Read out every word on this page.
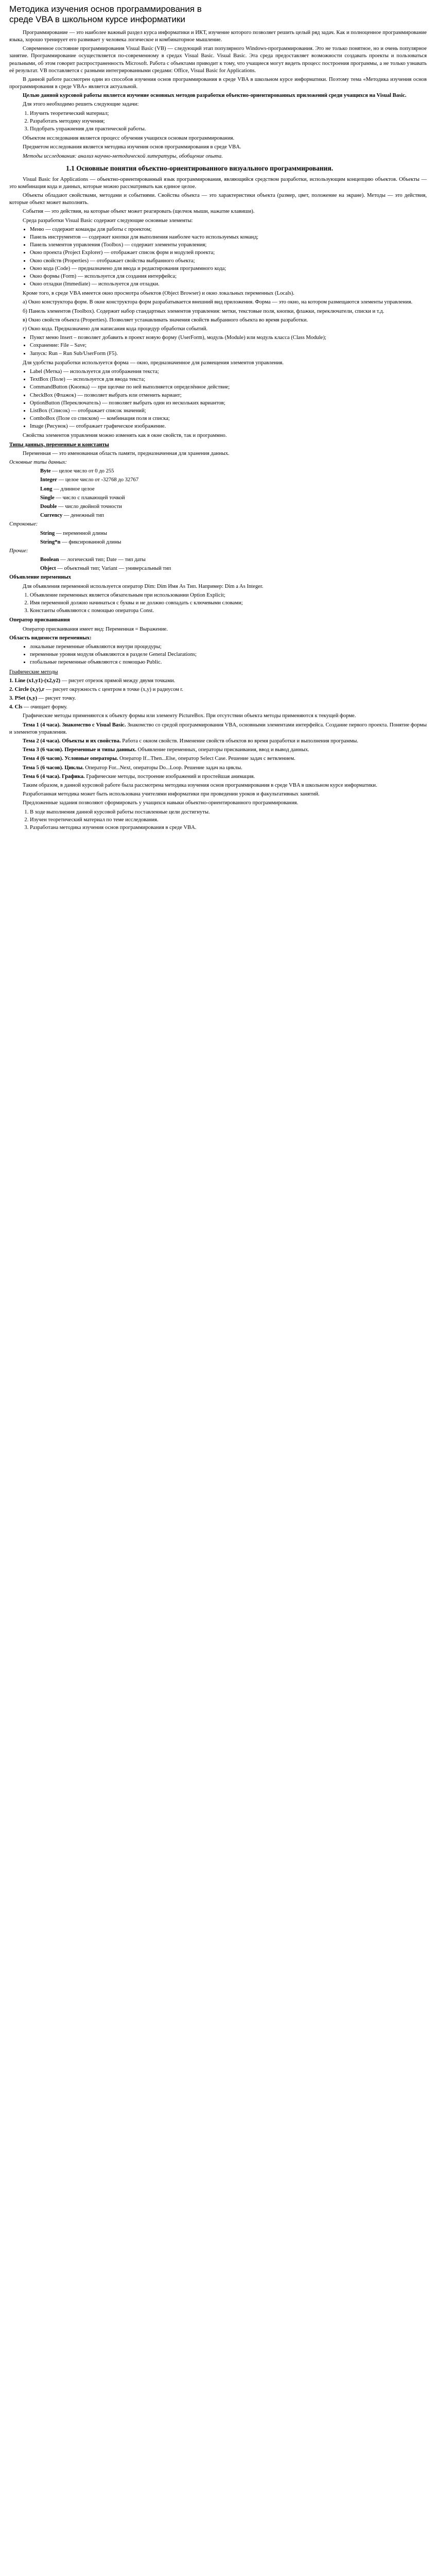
Методика изучения основ программирования в среде VBA в школьном курсе информатики

Программирование — это наиболее важный раздел курса информатики и ИКТ, изучение которого позволяет решить целый ряд задач. Как и полноценное программирование языка, хорошо тренирует его развивает у человека логическое и комбинаторное мышление.

Современное состояние программирования Visual Basic (VB) — следующий этап популярного Windows-программирования. Это не только понятное, но и очень популярное занятие. Программирование осуществляется по-современному в средах Visual Basic. Visual Basic. Эта среда предоставляет возможности создавать проекты и пользоваться реальными, об этом говорит распространенность Microsoft. Работа с объектами приводит к тому, что учащиеся могут видеть процесс построения программы, а не только узнавать её результат. VB поставляется с разными интегрированными средами: Office, Visual Basic for Applications.

В данной работе рассмотрен один из способов изучения основ программирования в среде VBA в школьном курсе информатики. Поэтому тема «Методика изучения основ программирования в среде VBA» является актуальной.

Целью данной курсовой работы является изучение основных методов разработки объектно-ориентированных приложений среди учащихся на Visual Basic.

Для этого необходимо решить следующие задачи:

1. Изучить теоретический материал;
2. Разработать методику изучения;
3. Подобрать упражнения для практической работы.

Объектом исследования является процесс обучения учащихся основам программирования.

Предметом исследования является методика изучения основ программирования в среде VBA.

Методы исследования: анализ научно-методической литературы, обобщение опыта.

1.1 Основные понятия объектно-ориентированного визуального программирования.

Visual Basic for Applications — объектно-ориентированный язык программирования, являющийся средством разработки, использующим концепцию объектов. Объекты — это комбинация кода и данных, которые можно рассматривать как единое целое.

Объекты обладают свойствами, методами и событиями. Свойства объекта — это характеристики объекта (размер, цвет, положение на экране). Методы — это действия, которые объект может выполнять.

События — это действия, на которые объект может реагировать (щелчок мыши, нажатие клавиши).

Среда разработки Visual Basic содержит следующие основные элементы:

• Меню — содержит команды для работы с проектом;
• Панель инструментов — содержит кнопки для выполнения наиболее часто используемых команд;
• Панель элементов управления (Toolbox) — содержит элементы управления;
• Окно проекта (Project Explorer) — отображает список форм и модулей проекта;
• Окно свойств (Properties) — отображает свойства выбранного объекта;
• Окно кода (Code) — предназначено для ввода и редактирования программного кода;
• Окно формы (Form) — используется для создания интерфейса;
• Окно отладки (Immediate) — используется для отладки.

Кроме того, в среде VBA имеется окно просмотра объектов (Object Browser) и окно локальных переменных (Locals).

а) Окно конструктора форм. В окне конструктора форм разрабатывается внешний вид приложения. Форма — это окно, на котором размещаются элементы управления.

б) Панель элементов (Toolbox). Содержит набор стандартных элементов управления: метки, текстовые поля, кнопки, флажки, переключатели, списки и т.д.

в) Окно свойств объекта (Properties). Позволяет устанавливать значения свойств выбранного объекта во время разработки.

г) Окно кода. Предназначено для написания кода процедур обработки событий.

• Пункт меню Insert – позволяет добавить в проект новую форму (UserForm), модуль (Module) или модуль класса (Class Module);
• Сохранение: File – Save;
• Запуск: Run – Run Sub/UserForm (F5).

Для удобства разработки используется форма — окно, предназначенное для размещения элементов управления.

• Label (Метка) — используется для отображения текста;
• TextBox (Поле) — используется для ввода текста;
• CommandButton (Кнопка) — при щелчке по ней выполняется определённое действие;
• CheckBox (Флажок) — позволяет выбрать или отменить вариант;
• OptionButton (Переключатель) — позволяет выбрать один из нескольких вариантов;
• ListBox (Список) — отображает список значений;
• ComboBox (Поле со списком) — комбинация поля и списка;
• Image (Рисунок) — отображает графическое изображение.

Свойства элементов управления можно изменять как в окне свойств, так и программно.

Типы данных, переменные и константы

Переменная — это именованная область памяти, предназначенная для хранения данных.

Основные типы данных:

Byte — целое число от 0 до 255

Integer — целое число от -32768 до 32767

Long — длинное целое

Single — число с плавающей точкой

Double — число двойной точности

Currency — денежный тип

Строковые:

String — переменной длины

String*n — фиксированной длины

Прочие:

Boolean — логический тип; Date — тип даты

Object — объектный тип; Variant — универсальный тип

Объявление переменных

Для объявления переменной используется оператор Dim: Dim Имя As Тип. Например: Dim a As Integer.

1. Объявление переменных является обязательным при использовании Option Explicit;
2. Имя переменной должно начинаться с буквы и не должно совпадать с ключевыми словами;
3. Константы объявляются с помощью оператора Const.

Оператор присваивания

Оператор присваивания имеет вид: Переменная = Выражение.

Область видимости переменных:

• локальные переменные объявляются внутри процедуры;
• переменные уровня модуля объявляются в разделе General Declarations;
• глобальные переменные объявляются с помощью Public.

Графические методы

1. Line (x1,y1)-(x2,y2) — рисует отрезок прямой между двумя точками.

2. Circle (x,y),r — рисует окружность с центром в точке (x,y) и радиусом r.

3. PSet (x,y) — рисует точку.

4. Cls — очищает форму.

Графические методы применяются к объекту формы или элементу PictureBox. При отсутствии объекта методы применяются к текущей форме.

Тема 1 (4 часа). Знакомство с Visual Basic. Знакомство со средой программирования VBA, основными элементами интерфейса. Создание первого проекта. Понятие формы и элементов управления.

Тема 2 (4 часа). Объекты и их свойства. Работа с окном свойств. Изменение свойств объектов во время разработки и выполнения программы.

Тема 3 (6 часов). Переменные и типы данных. Объявление переменных, операторы присваивания, ввод и вывод данных.

Тема 4 (6 часов). Условные операторы. Оператор If...Then...Else, оператор Select Case. Решение задач с ветвлением.

Тема 5 (6 часов). Циклы. Оператор For...Next, операторы Do...Loop. Решение задач на циклы.

Тема 6 (4 часа). Графика. Графические методы, построение изображений и простейшая анимация.

Таким образом, в данной курсовой работе была рассмотрена методика изучения основ программирования в среде VBA в школьном курсе информатики.

Разработанная методика может быть использована учителями информатики при проведении уроков и факультативных занятий.

Предложенные задания позволяют сформировать у учащихся навыки объектно-ориентированного программирования.

1. В ходе выполнения данной курсовой работы поставленные цели достигнуты.
2. Изучен теоретический материал по теме исследования.
3. Разработана методика изучения основ программирования в среде VBA.
